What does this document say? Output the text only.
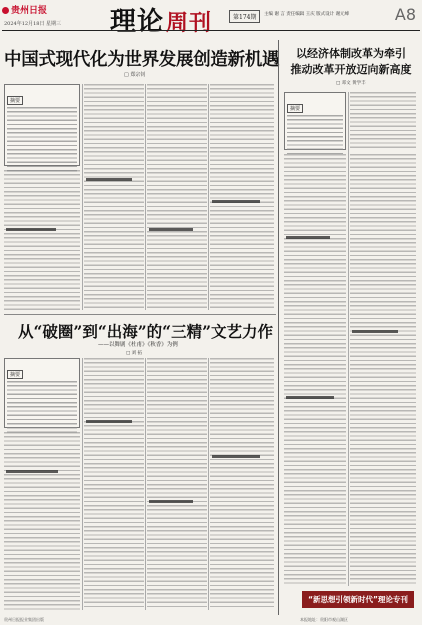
贵州日报
2024年12月18日 星期三 理论周刊	第174期	主编 谢 言 责任编辑 王庆 版式设计 谢元峰	A8
中国式现代化为世界发展创造新机遇
□ 郑宗钊
以经济体制改革为牵引
推动改革开放迈向新高度
□ 邓文 黄学丰
摘要
从“破圈”到“出海”的“三精”文艺力作
——以舞剧《杜甫》《秋香》为例
□ 刘 拓
摘要
摘要
“新思想引领新时代”理论专刊
贵州日报报业集团出版	本报地址：贵阳市观山湖区
